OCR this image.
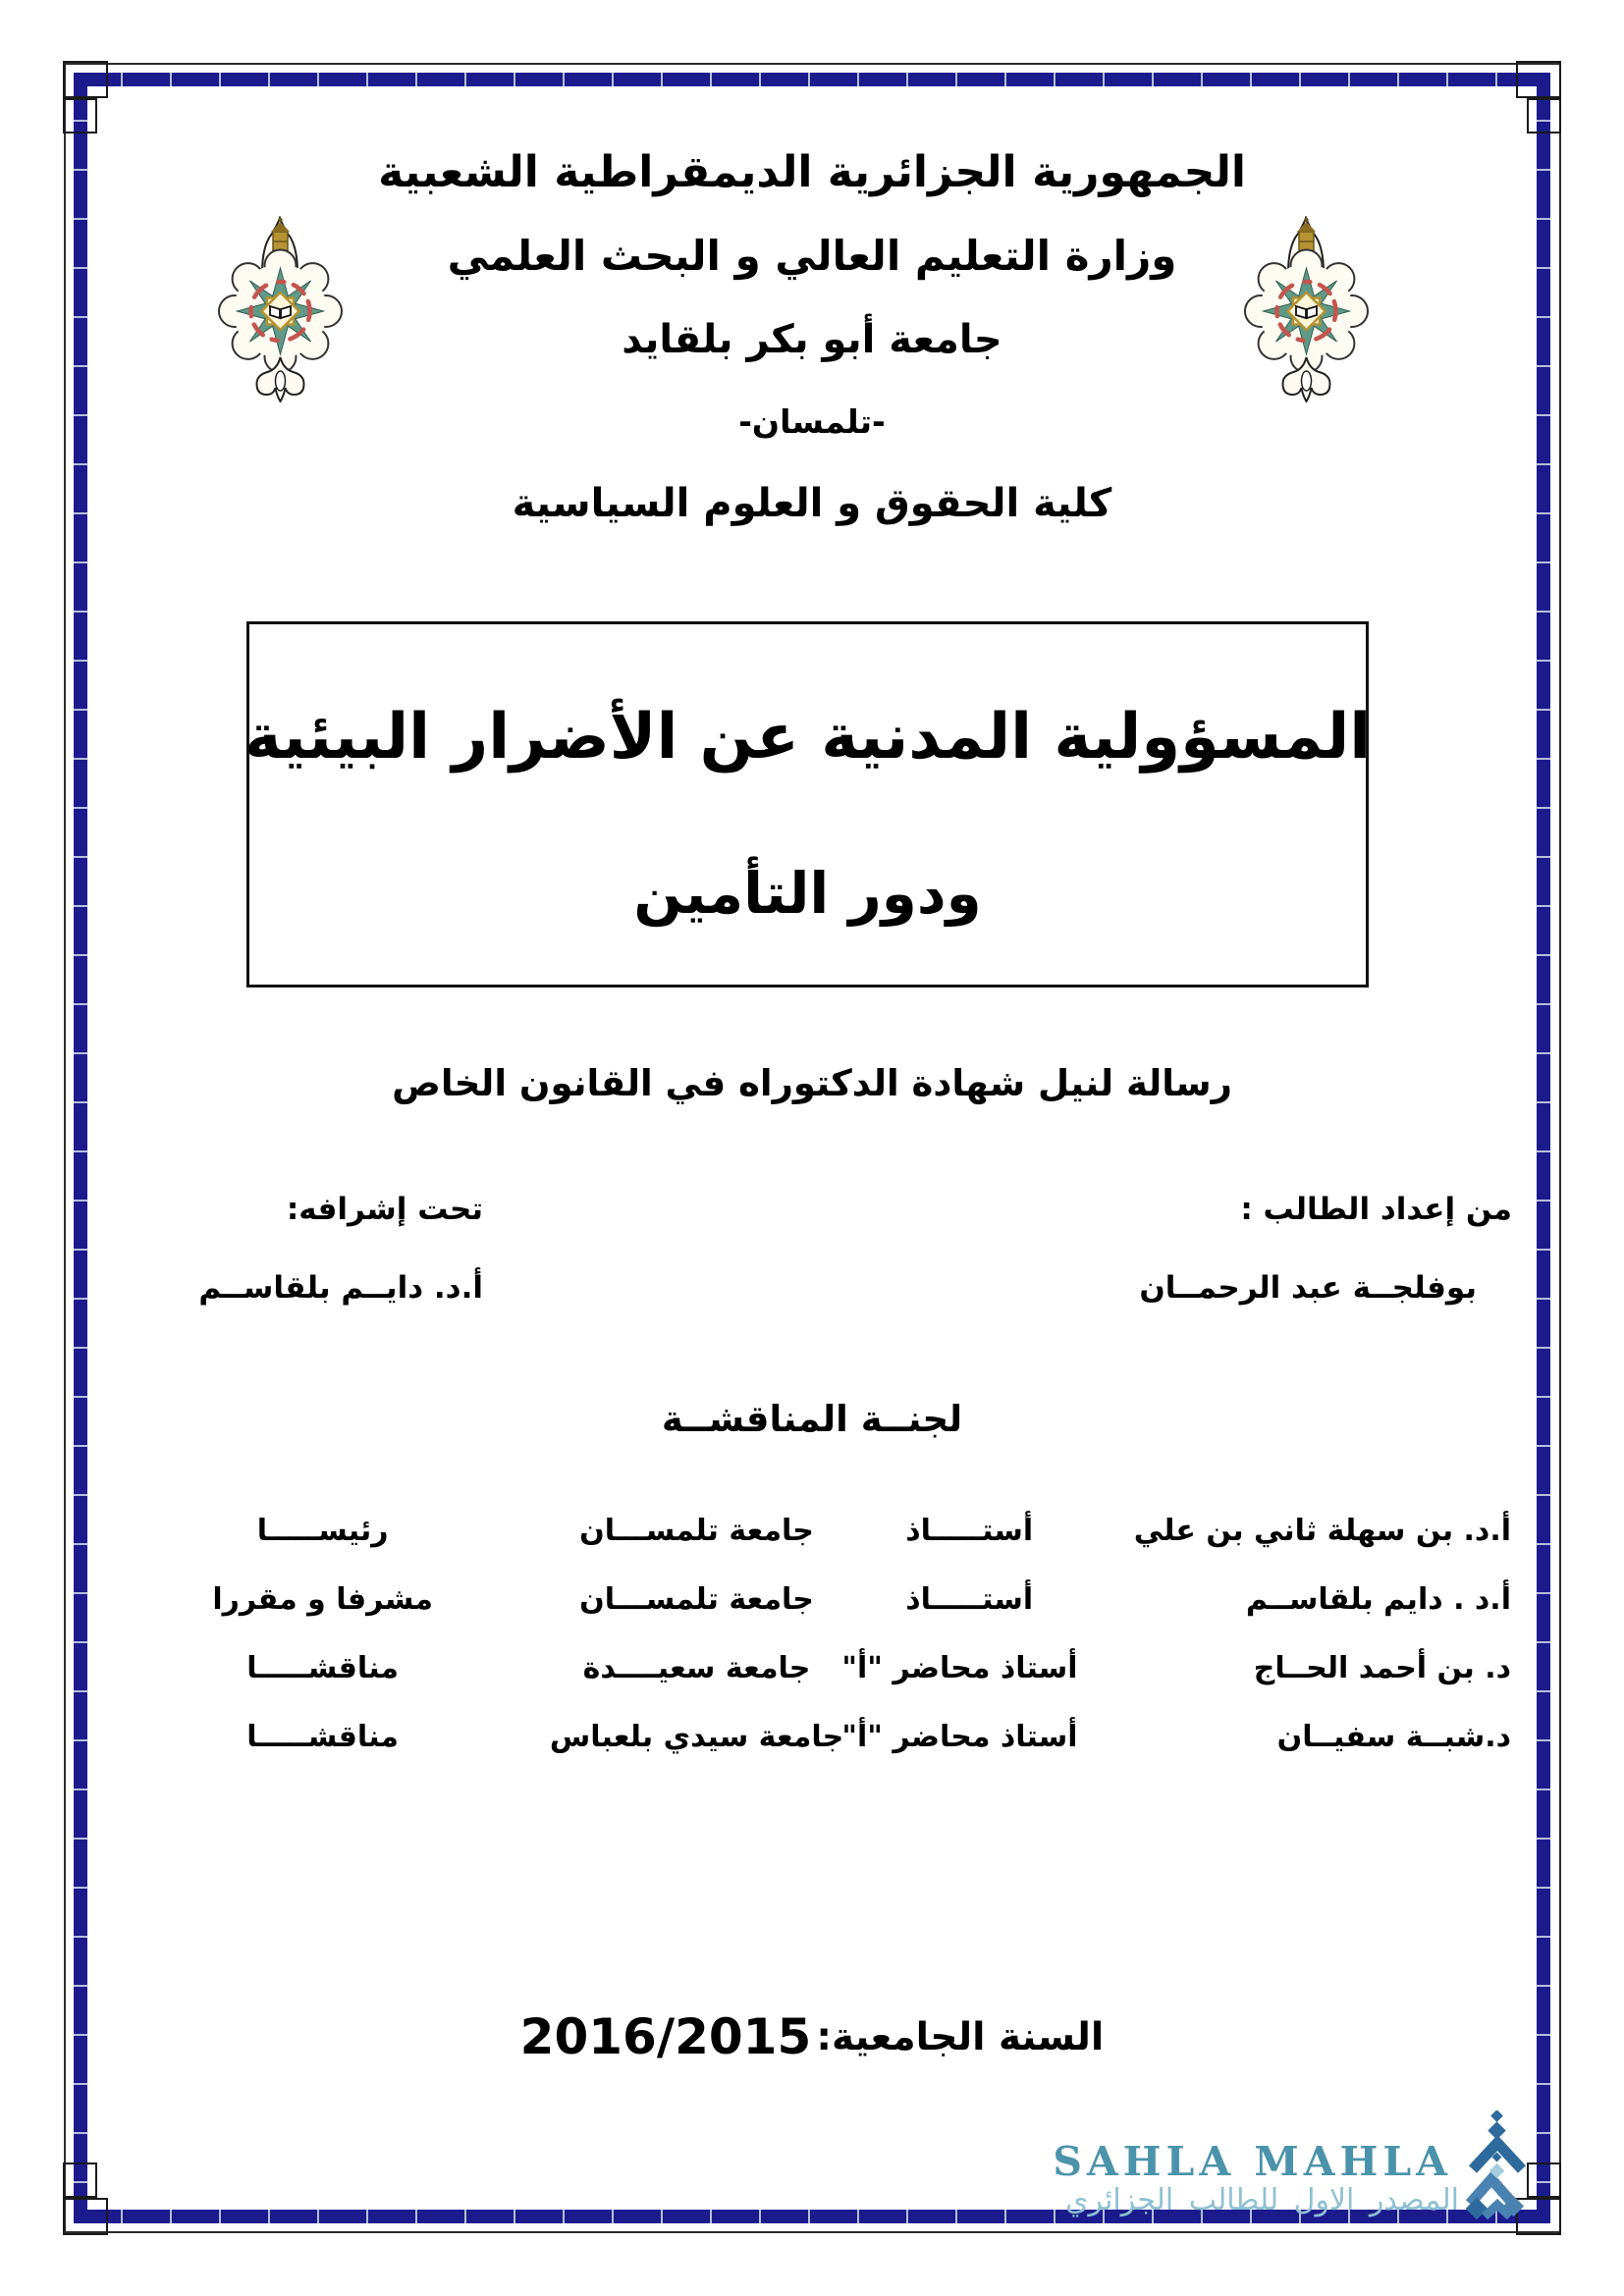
الجمهورية الجزائرية الديمقراطية الشعبية
وزارة التعليم العالي و البحث العلمي
جامعة أبو بكر بلقايد
-تلمسان-
كلية الحقوق و العلوم السياسية
المسؤولية المدنية عن الأضرار البيئية
ودور التأمين
رسالة لنيل شهادة الدكتوراه في القانون الخاص
من إعداد الطالب :
بوفلجــة عبد الرحمــان
تحت إشرافه:
أ.د. دايــم بلقاســم
لجنــة المناقشــة
أ.د. بن سهلة ثاني بن علي
أستـــــاذ
جامعة تلمســـان
رئيســـــا
أ.د . دايم بلقاســم
أستـــــاذ
جامعة تلمســـان
مشرفا و مقررا
د. بن أحمد الحــاج
أستاذ محاضر "أ"
جامعة سعيــــدة
مناقشـــــا
د.شبــة سفيــان
أستاذ محاضر "أ"
جامعة سيدي بلعباس
مناقشـــــا
السنة الجامعية: 2016/2015
SAHLA MAHLA
المصدر الاول للطالب الجزائري
